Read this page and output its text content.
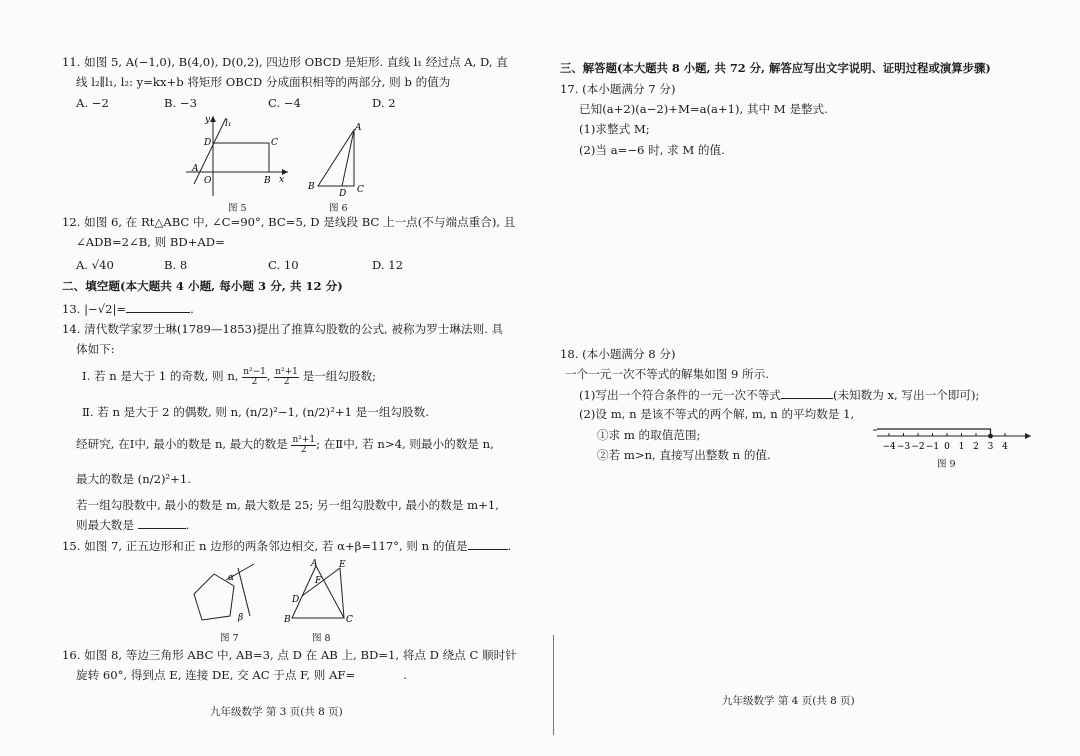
11. 如图 5, A(−1,0), B(4,0), D(0,2), 四边形 OBCD 是矩形. 直线 l₁ 经过点 A, D, 直
线 l₂∥l₁, l₂: y=kx+b 将矩形 OBCD 分成面积相等的两部分, 则 b 的值为
A. −2	B. −3	C. −4	D. 2
y l₁
D	C
A
O	B x
图 5
A
B
D C
图 6
12. 如图 6, 在 Rt△ABC 中, ∠C=90°, BC=5, D 是线段 BC 上一点(不与端点重合), 且
∠ADB=2∠B, 则 BD+AD=
A. √40	B. 8	C. 10	D. 12
二、填空题(本大题共 4 小题, 每小题 3 分, 共 12 分)
13. |−√2|=	.
14. 清代数学家罗士琳(1789—1853)提出了推算勾股数的公式, 被称为罗士琳法则. 具
体如下:
Ⅰ. 若 n 是大于 1 的奇数, 则 n, $\frac{\text{n²−1}}{2}$ , $\frac{\text{n²+1}}{2}$ 是一组勾股数;
Ⅱ. 若 n 是大于 2 的偶数, 则 n, (n/2)²−1, (n/2)²+1 是一组勾股数.
经研究, 在Ⅰ中, 最小的数是 n, 最大的数是 $\frac{\text{n²+1}}{2}$ ; 在Ⅱ中, 若 n>4, 则最小的数是 n,
最大的数是 (n/2)²+1.
若一组勾股数中, 最小的数是 m, 最大数是 25; 另一组勾股数中, 最小的数是 m+1,
则最大数是	.
15. 如图 7, 正五边形和正 n 边形的两条邻边相交, 若 α+β=117°, 则 n 的值是	.
α
β
图 7
A E
F
D
B	C
图 8
16. 如图 8, 等边三角形 ABC 中, AB=3, 点 D 在 AB 上, BD=1, 将点 D 绕点 C 顺时针
旋转 60°, 得到点 E, 连接 DE, 交 AC 于点 F, 则 AF=	.
九年级数学 第 3 页(共 8 页)
三、解答题(本大题共 8 小题, 共 72 分, 解答应写出文字说明、证明过程或演算步骤)
17. (本小题满分 7 分)
已知(a+2)(a−2)+M=a(a+1), 其中 M 是整式.
(1)求整式 M;
(2)当 a=−6 时, 求 M 的值.
18. (本小题满分 8 分)
一个一元一次不等式的解集如图 9 所示.
(1)写出一个符合条件的一元一次不等式	(未知数为 x, 写出一个即可);
(2)设 m, n 是该不等式的两个解, m, n 的平均数是 1,
①求 m 的取值范围;
②若 m>n, 直接写出整数 n 的值.
−4 −3 −2 −1 0 1 2 3 4
图 9
九年级数学 第 4 页(共 8 页)
